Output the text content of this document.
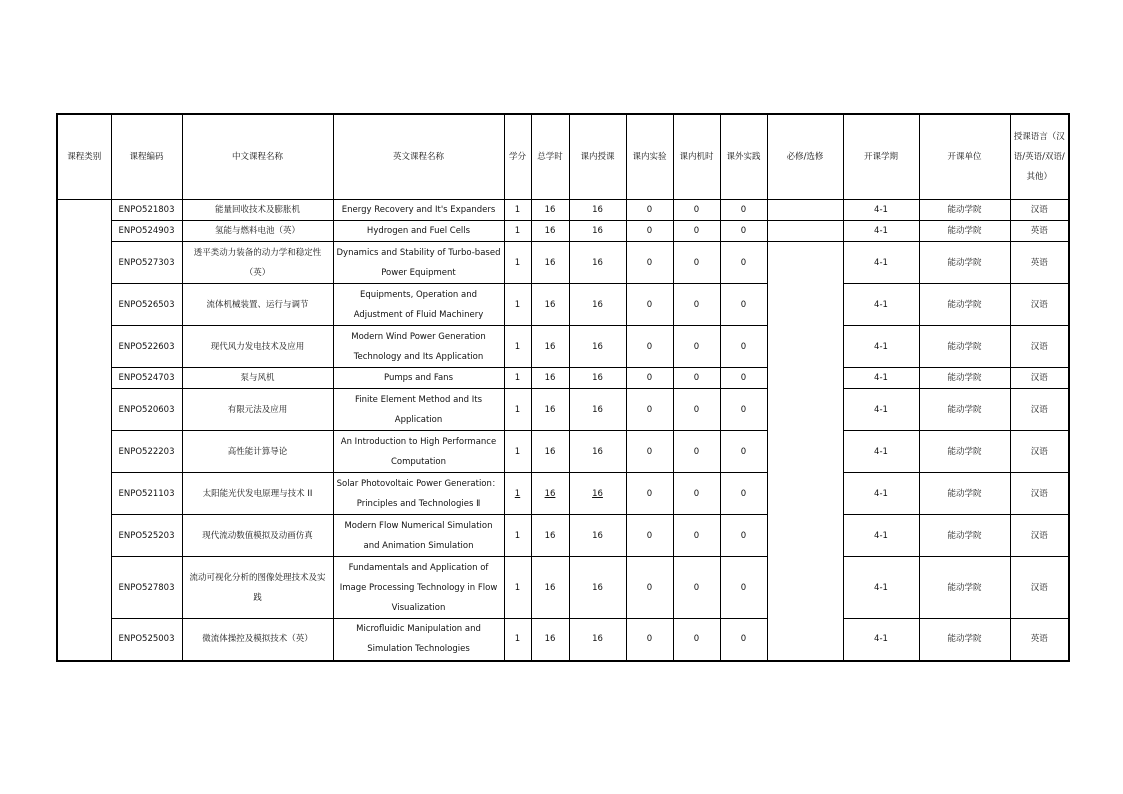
课程类别	课程编码	中文课程名称	英文课程名称	学分	总学时	课内授课	课内实验	课内机时	课外实践	必修/选修	开课学期	开课单位	授课语言（汉语/英语/双语/其他）

	ENPO521803	能量回收技术及膨胀机	Energy Recovery and It's Expanders	1	16	16	0	0	0		4-1	能动学院	汉语
	ENPO524903	氢能与燃料电池（英）	Hydrogen and Fuel Cells	1	16	16	0	0	0		4-1	能动学院	英语
	ENPO527303	透平类动力装备的动力学和稳定性（英）	Dynamics and Stability of Turbo-based Power Equipment	1	16	16	0	0	0		4-1	能动学院	英语
	ENPO526503	流体机械装置、运行与调节	Equipments, Operation and Adjustment of Fluid Machinery	1	16	16	0	0	0		4-1	能动学院	汉语
	ENPO522603	现代风力发电技术及应用	Modern Wind Power Generation Technology and Its Application	1	16	16	0	0	0		4-1	能动学院	汉语
	ENPO524703	泵与风机	Pumps and Fans	1	16	16	0	0	0		4-1	能动学院	汉语
	ENPO520603	有限元法及应用	Finite Element Method and Its Application	1	16	16	0	0	0		4-1	能动学院	汉语
	ENPO522203	高性能计算导论	An Introduction to High Performance Computation	1	16	16	0	0	0		4-1	能动学院	汉语
	ENPO521103	太阳能光伏发电原理与技术 II	Solar Photovoltaic Power Generation：Principles and Technologies Ⅱ	1	16	16	0	0	0		4-1	能动学院	汉语
	ENPO525203	现代流动数值模拟及动画仿真	Modern Flow Numerical Simulation and Animation Simulation	1	16	16	0	0	0		4-1	能动学院	汉语
	ENPO527803	流动可视化分析的图像处理技术及实践	Fundamentals and Application of Image Processing Technology in Flow Visualization	1	16	16	0	0	0		4-1	能动学院	汉语
	ENPO525003	微流体操控及模拟技术（英）	Microfluidic Manipulation and Simulation Technologies	1	16	16	0	0	0		4-1	能动学院	英语
